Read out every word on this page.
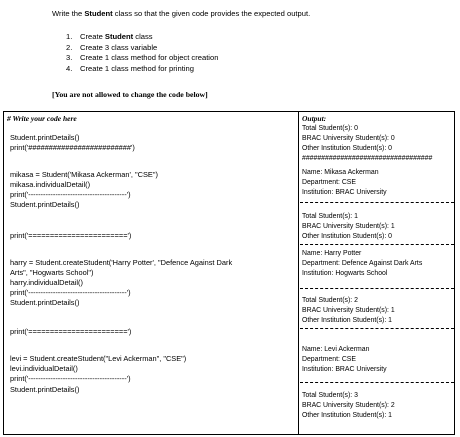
Write the Student class so that the given code provides the expected output.
1. Create Student class
2. Create 3 class variable
3. Create 1 class method for object creation
4. Create 1 class method for printing
[You are not allowed to change the code below]
# Write your code here	Output:
Student.printDetails()
print('#########################')
mikasa = Student('Mikasa Ackerman', "CSE")
mikasa.individualDetail()
print('----------------------------------------')
Student.printDetails()
print('=======================')
harry = Student.createStudent('Harry Potter', "Defence Against Dark
Arts", "Hogwarts School")
harry.individualDetail()
print('----------------------------------------')
Student.printDetails()
print('=======================')
levi = Student.createStudent("Levi Ackerman", "CSE")
levi.individualDetail()
print('----------------------------------------')
Student.printDetails()
Total Student(s): 0
BRAC University Student(s): 0
Other Institution Student(s): 0
##################################
Name: Mikasa Ackerman
Department: CSE
Institution: BRAC University
Total Student(s): 1
BRAC University Student(s): 1
Other Institution Student(s): 0
Name: Harry Potter
Department: Defence Against Dark Arts
Institution: Hogwarts School
Total Student(s): 2
BRAC University Student(s): 1
Other Institution Student(s): 1
Name: Levi Ackerman
Department: CSE
Institution: BRAC University
Total Student(s): 3
BRAC University Student(s): 2
Other Institution Student(s): 1
